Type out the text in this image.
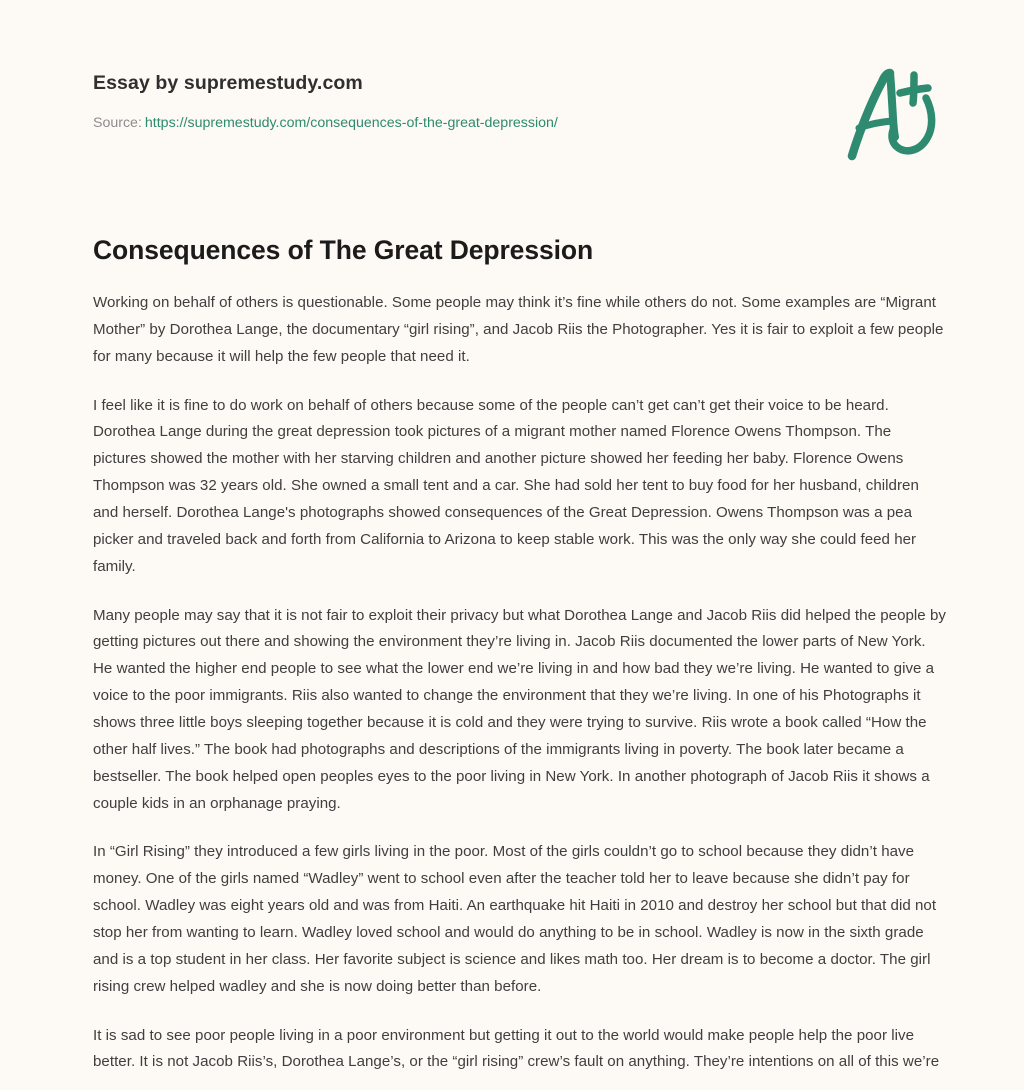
Essay by supremestudy.com
Source: https://supremestudy.com/consequences-of-the-great-depression/
Consequences of The Great Depression

Working on behalf of others is questionable. Some people may think it’s fine while others do not. Some examples are “Migrant Mother” by Dorothea Lange, the documentary “girl rising”, and Jacob Riis the Photographer. Yes it is fair to exploit a few people for many because it will help the few people that need it.

I feel like it is fine to do work on behalf of others because some of the people can’t get can’t get their voice to be heard. Dorothea Lange during the great depression took pictures of a migrant mother named Florence Owens Thompson. The pictures showed the mother with her starving children and another picture showed her feeding her baby. Florence Owens Thompson was 32 years old. She owned a small tent and a car. She had sold her tent to buy food for her husband, children and herself. Dorothea Lange's photographs showed consequences of the Great Depression. Owens Thompson was a pea picker and traveled back and forth from California to Arizona to keep stable work. This was the only way she could feed her family.

Many people may say that it is not fair to exploit their privacy but what Dorothea Lange and Jacob Riis did helped the people by getting pictures out there and showing the environment they’re living in. Jacob Riis documented the lower parts of New York. He wanted the higher end people to see what the lower end we’re living in and how bad they we’re living. He wanted to give a voice to the poor immigrants. Riis also wanted to change the environment that they we’re living. In one of his Photographs it shows three little boys sleeping together because it is cold and they were trying to survive. Riis wrote a book called “How the other half lives.” The book had photographs and descriptions of the immigrants living in poverty. The book later became a bestseller. The book helped open peoples eyes to the poor living in New York. In another photograph of Jacob Riis it shows a couple kids in an orphanage praying.

In “Girl Rising” they introduced a few girls living in the poor. Most of the girls couldn’t go to school because they didn’t have money. One of the girls named “Wadley” went to school even after the teacher told her to leave because she didn’t pay for school. Wadley was eight years old and was from Haiti. An earthquake hit Haiti in 2010 and destroy her school but that did not stop her from wanting to learn. Wadley loved school and would do anything to be in school. Wadley is now in the sixth grade and is a top student in her class. Her favorite subject is science and likes math too. Her dream is to become a doctor. The girl rising crew helped wadley and she is now doing better than before.

It is sad to see poor people living in a poor environment but getting it out to the world would make people help the poor live better. It is not Jacob Riis’s, Dorothea Lange’s, or the “girl rising” crew’s fault on anything. They’re intentions on all of this we’re
